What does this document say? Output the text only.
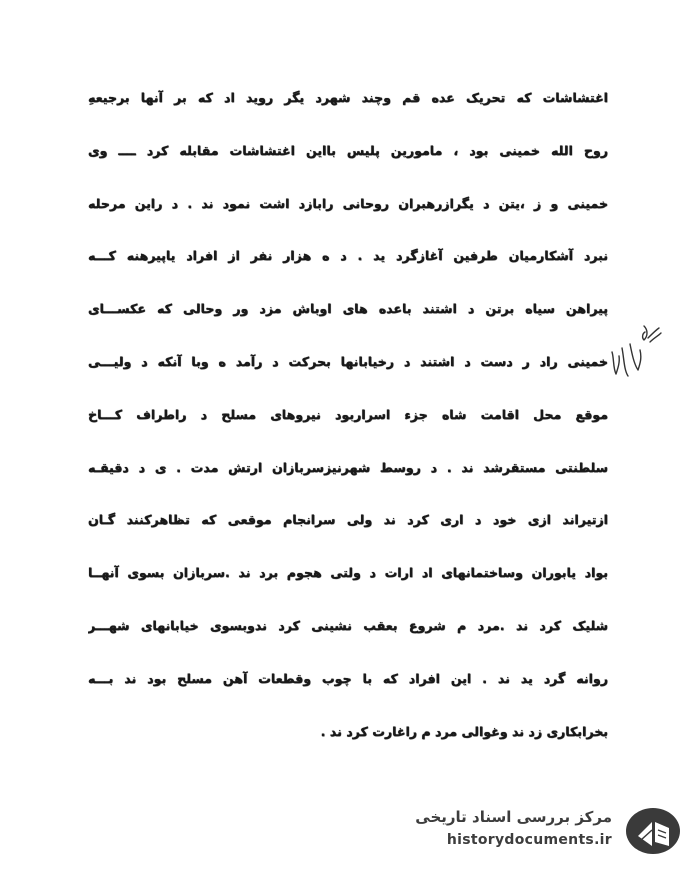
اغتشاشات که تحریک عده قم وچند شهرد یگر روید اد که بر آنها برجیعهِ
روح الله خمینی بود ، مامورین پلیس بااین اغتشاشات مقابله کرد ــــ وی
خمینی و ز ،یتن د یگرازرهبران روحانی رابازد اشت نمود ند . د راین مرحله
نبرد آشکارمیان طرفین آغازگرد ید . د ه هزار نفر از افراد یاپیرهنه کـــه
پیراهن سیاه برتن د اشتند باعده های اوباش مزد ور وحالی که عکســـای
خمینی راد ر دست د اشتند د رخیابانها بحرکت د رآمد ه وبا آنکه د ولیـــی
موقع محل اقامت شاه جزء اسراربود نیروهای مسلح د راطراف کـــاخ
سلطنتی مستقرشد ند . د روسط شهرنیزسربازان ارتش مدت . ی د دقیقـه
ازتیراند ازی خود د اری کرد ند ولی سرانجام موقعی که تظاهرکنند گـان
بواد یابوران وساختمانهای اد ارات د ولتی هجوم برد ند .سربازان بسوی آنهــا
شلیک کرد ند .مرد م شروع بعقب نشینی کرد ندوبسوی خیابانهای شهـــر
روانه گرد ید ند . این افراد که با چوب وقطعات آهن مسلح بود ند بـــه
بخرابکاری زد ند وغوالی مرد م راغارت کرد ند .
مرکز بررسی اسناد تاریخی
historydocuments.ir
